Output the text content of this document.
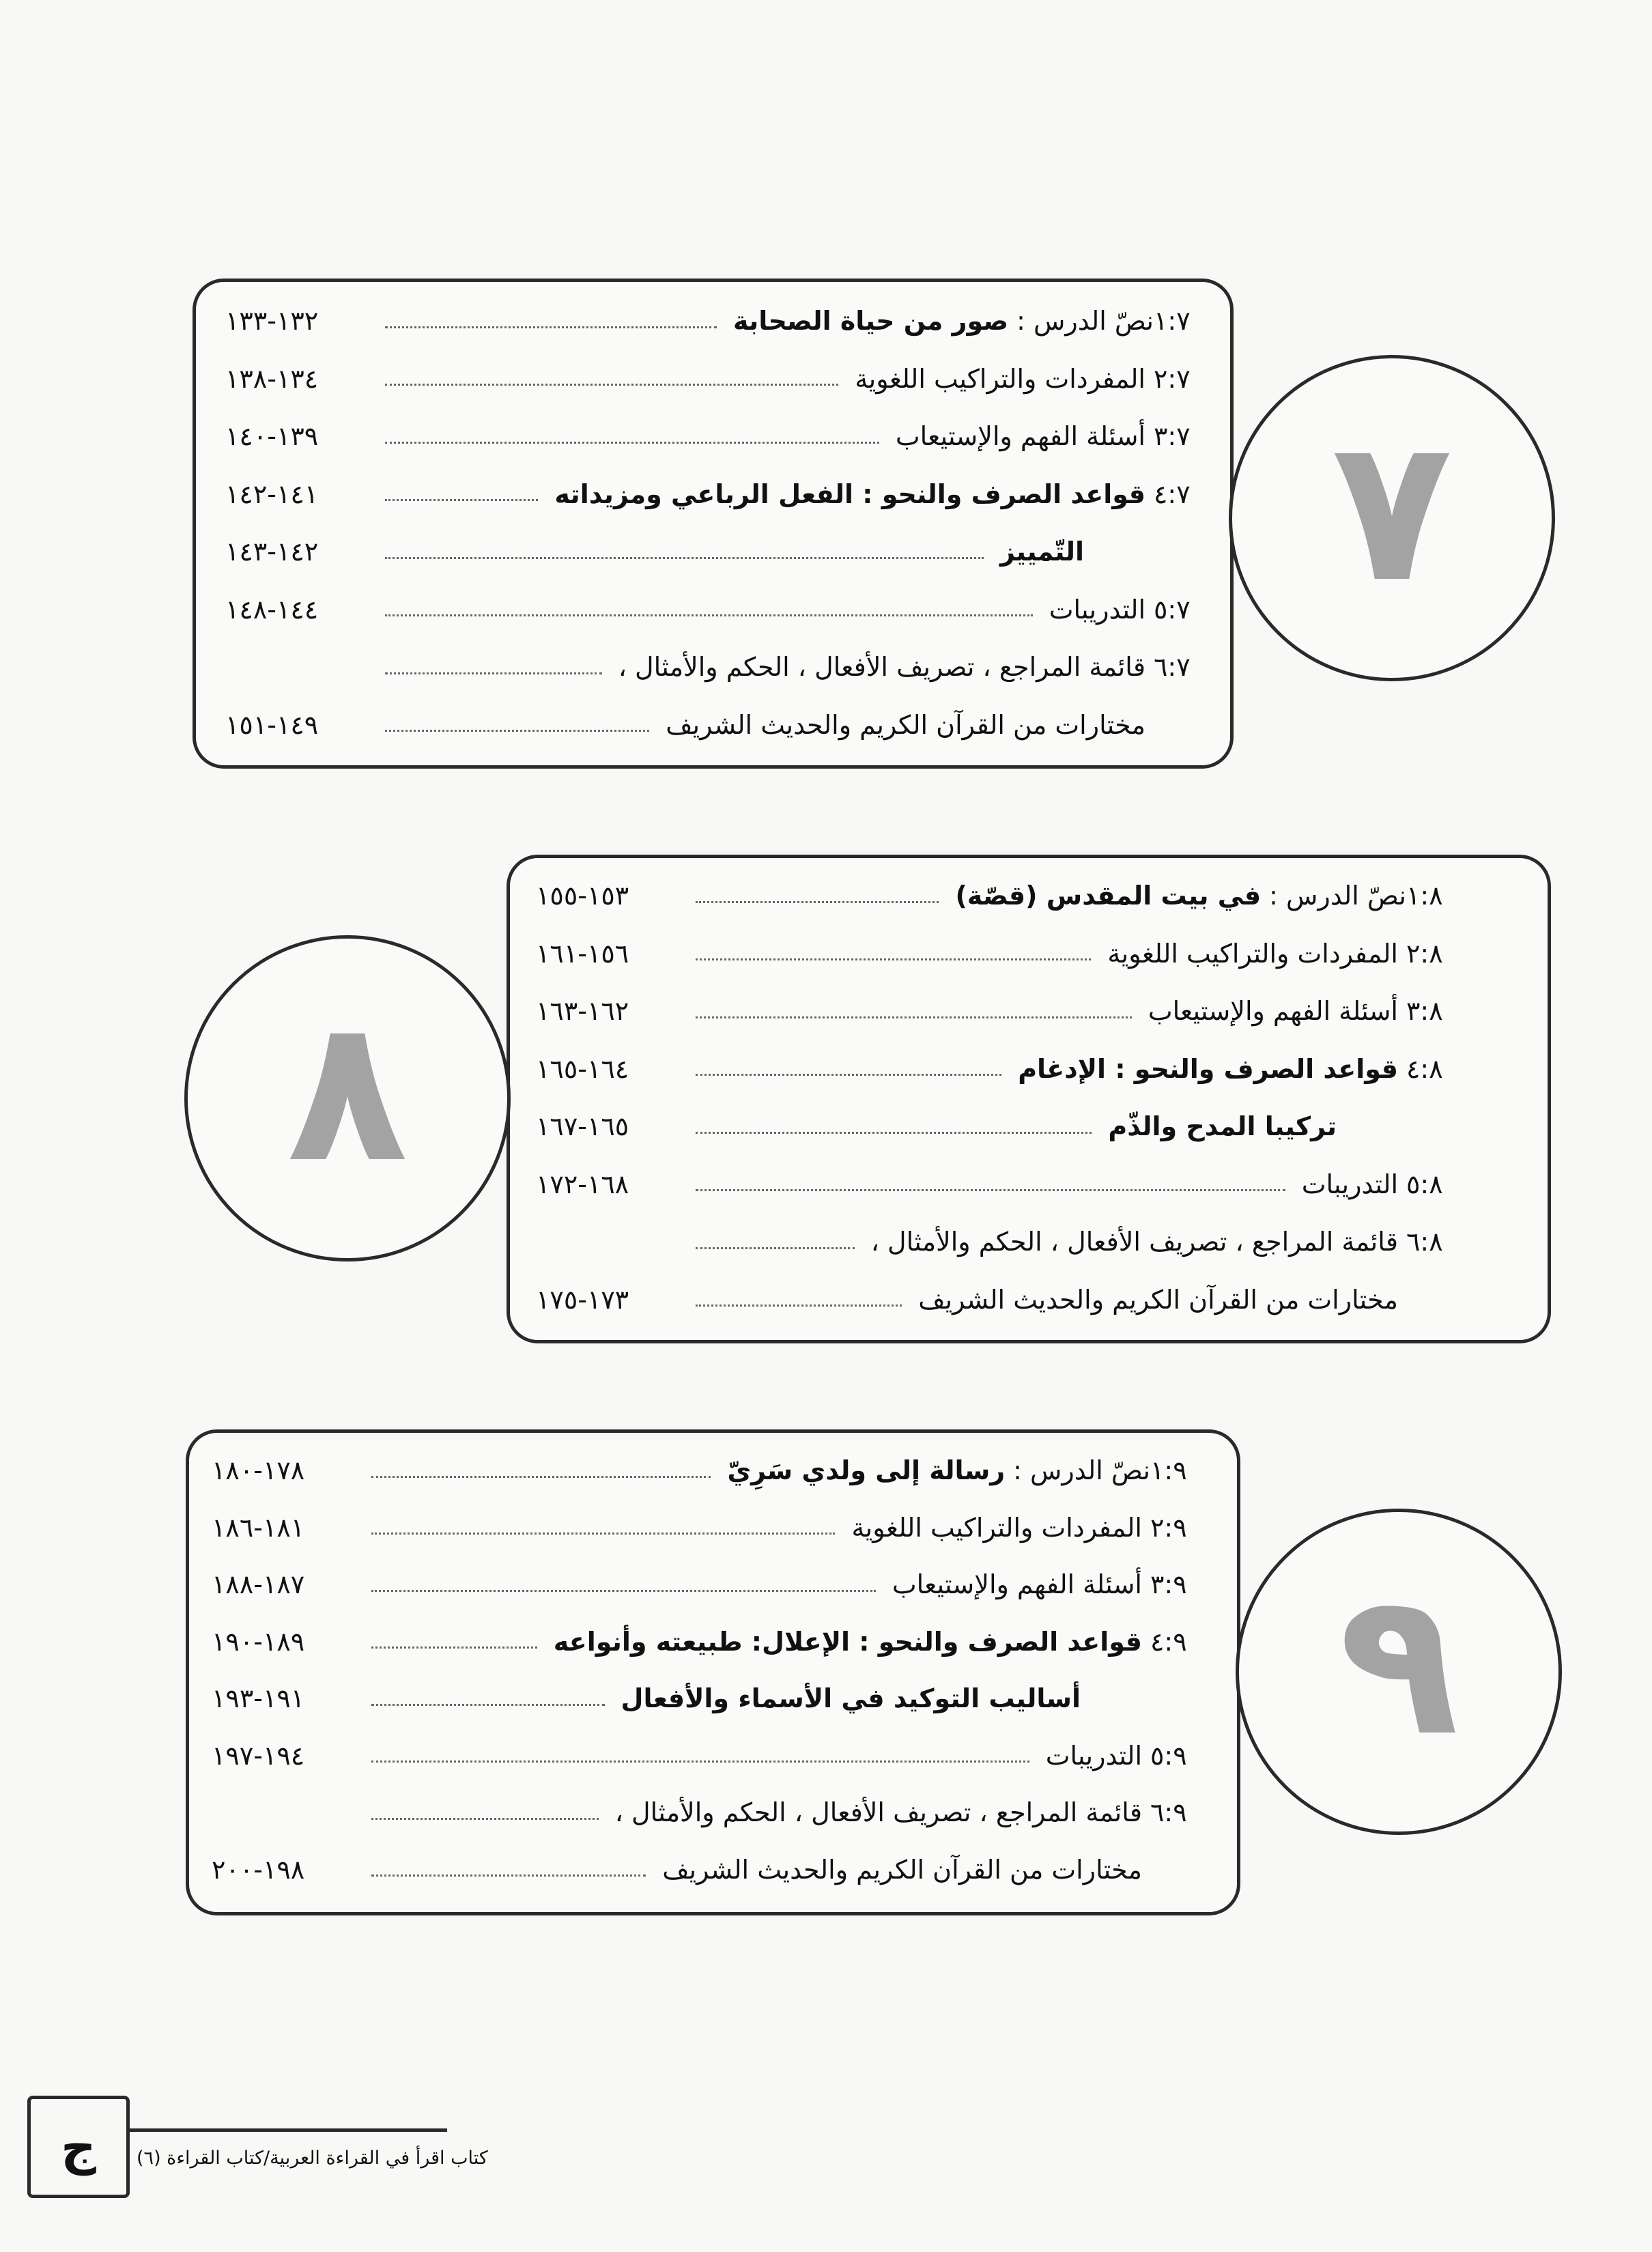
٧
٨
٩
١:٧
نصّ الدرس :
صور من حياة الصحابة
١٣٢-١٣٣
٢:٧
المفردات والتراكيب اللغوية
١٣٤-١٣٨
٣:٧
أسئلة الفهم والإستيعاب
١٣٩-١٤٠
٤:٧
قواعد الصرف والنحو : الفعل الرباعي ومزيداته
١٤١-١٤٢
التّمييز
١٤٢-١٤٣
٥:٧
التدريبات
١٤٤-١٤٨
٦:٧
قائمة المراجع ، تصريف الأفعال ، الحكم والأمثال ،
مختارات من القرآن الكريم والحديث الشريف
١٤٩-١٥١
١:٨
نصّ الدرس :
في بيت المقدس (قصّة)
١٥٣-١٥٥
٢:٨
المفردات والتراكيب اللغوية
١٥٦-١٦١
٣:٨
أسئلة الفهم والإستيعاب
١٦٢-١٦٣
٤:٨
قواعد الصرف والنحو : الإدغام
١٦٤-١٦٥
تركيبا المدح والذّم
١٦٥-١٦٧
٥:٨
التدريبات
١٦٨-١٧٢
٦:٨
قائمة المراجع ، تصريف الأفعال ، الحكم والأمثال ،
مختارات من القرآن الكريم والحديث الشريف
١٧٣-١٧٥
١:٩
نصّ الدرس :
رسالة إلى ولدي سَرِيّ
١٧٨-١٨٠
٢:٩
المفردات والتراكيب اللغوية
١٨١-١٨٦
٣:٩
أسئلة الفهم والإستيعاب
١٨٧-١٨٨
٤:٩
قواعد الصرف والنحو : الإعلال: طبيعته وأنواعه
١٨٩-١٩٠
أساليب التوكيد في الأسماء والأفعال
١٩١-١٩٣
٥:٩
التدريبات
١٩٤-١٩٧
٦:٩
قائمة المراجع ، تصريف الأفعال ، الحكم والأمثال ،
مختارات من القرآن الكريم والحديث الشريف
١٩٨-٢٠٠
ج كتاب اقرأ في القراءة العربية/كتاب القراءة (٦)
